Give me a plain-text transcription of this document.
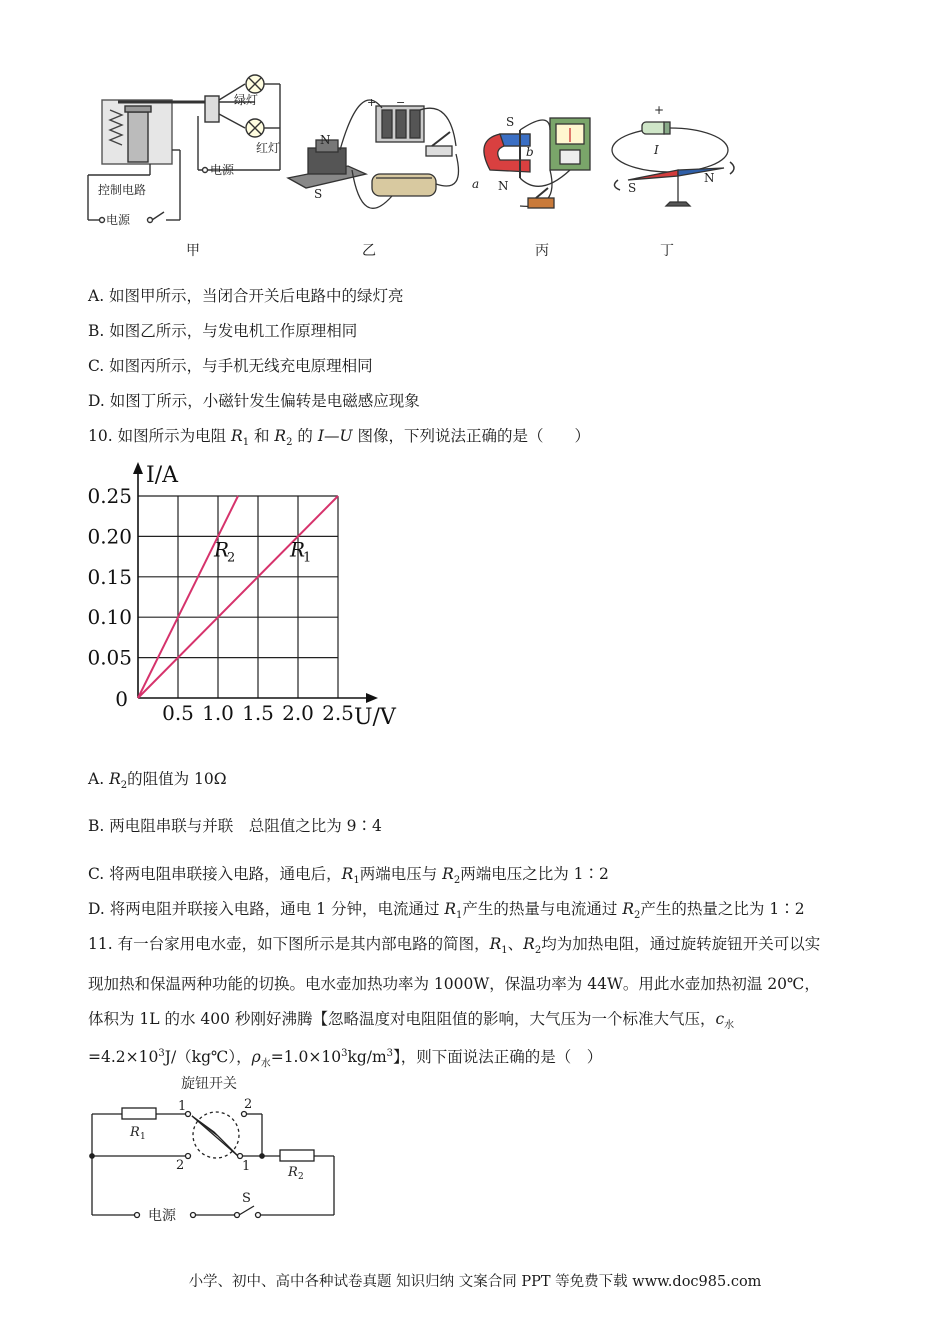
绿灯
红灯
电源
控制电路
电源
N
S
+ −
S
N
a
b
+
I
S
N
甲	乙	丙	丁
A. 如图甲所示，当闭合开关后电路中的绿灯亮
B. 如图乙所示，与发电机工作原理相同
C. 如图丙所示，与手机无线充电原理相同
D. 如图丁所示，小磁针发生偏转是电磁感应现象
10. 如图所示为电阻 $R_1$ 和 $R_2$ 的 I—U 图像，下列说法正确的是（　　）
0.5 1.0 1.5 2.0 2.5
0.25
0.20
0.15
0.10
0.05
0
I/A
U/V
R
1
R
2
A. $R_2$的阻值为 10Ω
B. 两电阻串联与并联　总阻值之比为 9∶4
C. 将两电阻串联接入电路，通电后，$R_1$两端电压与 $R_2$两端电压之比为 1∶2
D. 将两电阻并联接入电路，通电 1 分钟，电流通过 $R_1$产生的热量与电流通过 $R_2$产生的热量之比为 1∶2
11. 有一台家用电水壶，如下图所示是其内部电路的简图，$R_1$、$R_2$均为加热电阻，通过旋转旋钮开关可以实
现加热和保温两种功能的切换。电水壶加热功率为 1000W，保温功率为 44W。用此水壶加热初温 20℃，
体积为 1L 的水 400 秒刚好沸腾【忽略温度对电阻阻值的影响，大气压为一个标准大气压，$c_水$
$=4.2\times 10^3J/(kg℃)$，$\rho_水=1.0\times 10^3kg/m^3$】，则下面说法正确的是（　）
旋钮开关
R 1
R 2
1	2
2	1
电源
S
小学、初中、高中各种试卷真题 知识归纳 文案合同 PPT 等免费下载 www.doc985.com
